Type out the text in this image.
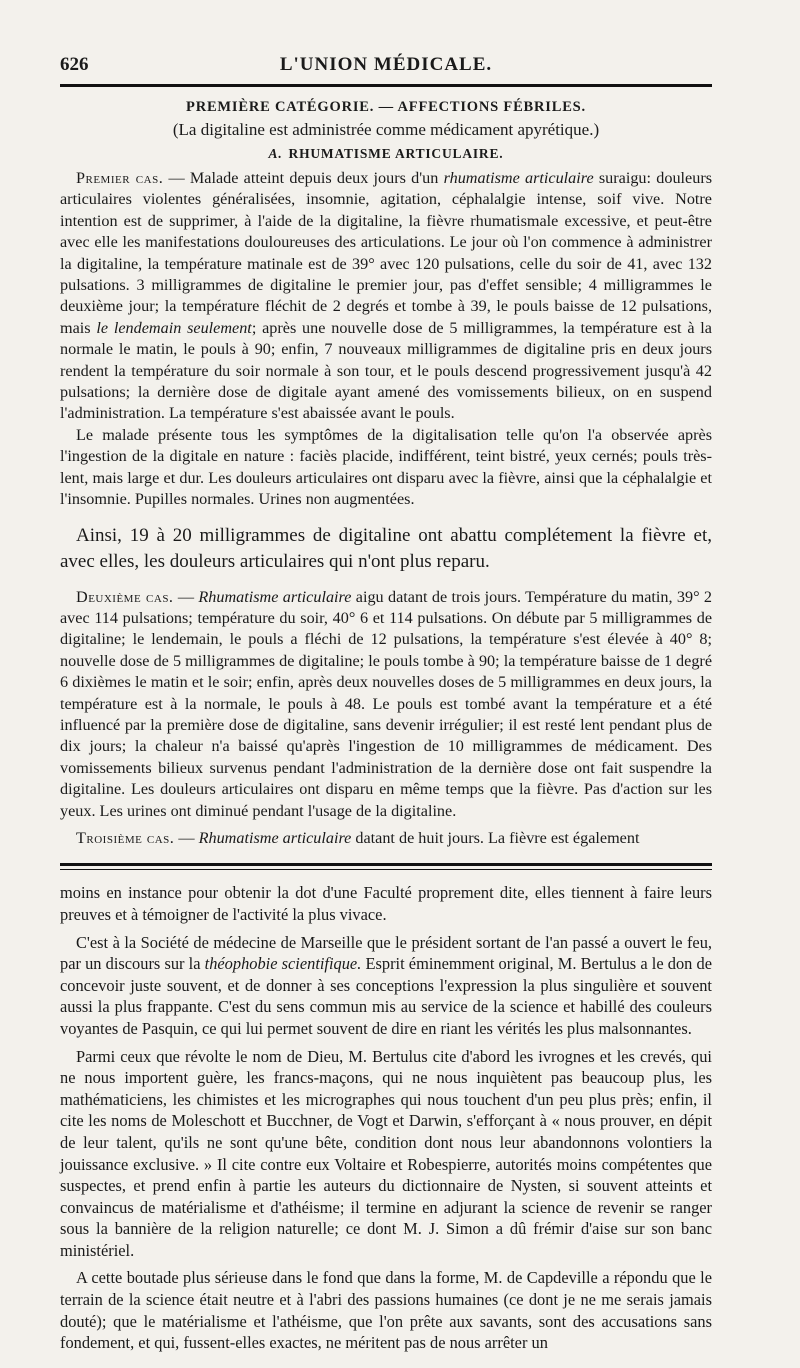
626	L'UNION MÉDICALE.
PREMIÈRE CATÉGORIE. — AFFECTIONS FÉBRILES.
(La digitaline est administrée comme médicament apyrétique.)
A. RHUMATISME ARTICULAIRE.

Premier cas. — Malade atteint depuis deux jours d'un rhumatisme articulaire suraigu: douleurs articulaires violentes généralisées, insomnie, agitation, céphalalgie intense, soif vive. Notre intention est de supprimer, à l'aide de la digitaline, la fièvre rhumatismale excessive, et peut-être avec elle les manifestations douloureuses des articulations. Le jour où l'on commence à administrer la digitaline, la température matinale est de 39° avec 120 pulsations, celle du soir de 41, avec 132 pulsations. 3 milligrammes de digitaline le premier jour, pas d'effet sensible; 4 milligrammes le deuxième jour; la température fléchit de 2 degrés et tombe à 39, le pouls baisse de 12 pulsations, mais le lendemain seulement; après une nouvelle dose de 5 milligrammes, la température est à la normale le matin, le pouls à 90; enfin, 7 nouveaux milligrammes de digitaline pris en deux jours rendent la température du soir normale à son tour, et le pouls descend progressivement jusqu'à 42 pulsations; la dernière dose de digitale ayant amené des vomissements bilieux, on en suspend l'administration. La température s'est abaissée avant le pouls.

Le malade présente tous les symptômes de la digitalisation telle qu'on l'a observée après l'ingestion de la digitale en nature : faciès placide, indifférent, teint bistré, yeux cernés; pouls très-lent, mais large et dur. Les douleurs articulaires ont disparu avec la fièvre, ainsi que la céphalalgie et l'insomnie. Pupilles normales. Urines non augmentées.

Ainsi, 19 à 20 milligrammes de digitaline ont abattu complétement la fièvre et, avec elles, les douleurs articulaires qui n'ont plus reparu.

Deuxième cas. — Rhumatisme articulaire aigu datant de trois jours. Température du matin, 39° 2 avec 114 pulsations; température du soir, 40° 6 et 114 pulsations. On débute par 5 milligrammes de digitaline; le lendemain, le pouls a fléchi de 12 pulsations, la température s'est élevée à 40° 8; nouvelle dose de 5 milligrammes de digitaline; le pouls tombe à 90; la température baisse de 1 degré 6 dixièmes le matin et le soir; enfin, après deux nouvelles doses de 5 milligrammes en deux jours, la température est à la normale, le pouls à 48. Le pouls est tombé avant la température et a été influencé par la première dose de digitaline, sans devenir irrégulier; il est resté lent pendant plus de dix jours; la chaleur n'a baissé qu'après l'ingestion de 10 milligrammes de médicament. Des vomissements bilieux survenus pendant l'administration de la dernière dose ont fait suspendre la digitaline. Les douleurs articulaires ont disparu en même temps que la fièvre. Pas d'action sur les yeux. Les urines ont diminué pendant l'usage de la digitaline.

Troisième cas. — Rhumatisme articulaire datant de huit jours. La fièvre est également

moins en instance pour obtenir la dot d'une Faculté proprement dite, elles tiennent à faire leurs preuves et à témoigner de l'activité la plus vivace.

C'est à la Société de médecine de Marseille que le président sortant de l'an passé a ouvert le feu, par un discours sur la théophobie scientifique. Esprit éminemment original, M. Bertulus a le don de concevoir juste souvent, et de donner à ses conceptions l'expression la plus singulière et souvent aussi la plus frappante. C'est du sens commun mis au service de la science et habillé des couleurs voyantes de Pasquin, ce qui lui permet souvent de dire en riant les vérités les plus malsonnantes.

Parmi ceux que révolte le nom de Dieu, M. Bertulus cite d'abord les ivrognes et les crevés, qui ne nous importent guère, les francs-maçons, qui ne nous inquiètent pas beaucoup plus, les mathématiciens, les chimistes et les micrographes qui nous touchent d'un peu plus près; enfin, il cite les noms de Moleschott et Bucchner, de Vogt et Darwin, s'efforçant à « nous prouver, en dépit de leur talent, qu'ils ne sont qu'une bête, condition dont nous leur abandonnons volontiers la jouissance exclusive. » Il cite contre eux Voltaire et Robespierre, autorités moins compétentes que suspectes, et prend enfin à partie les auteurs du dictionnaire de Nysten, si souvent atteints et convaincus de matérialisme et d'athéisme; il termine en adjurant la science de revenir se ranger sous la bannière de la religion naturelle; ce dont M. J. Simon a dû frémir d'aise sur son banc ministériel.

A cette boutade plus sérieuse dans le fond que dans la forme, M. de Capdeville a répondu que le terrain de la science était neutre et à l'abri des passions humaines (ce dont je ne me serais jamais douté); que le matérialisme et l'athéisme, que l'on prête aux savants, sont des accusations sans fondement, et qui, fussent-elles exactes, ne méritent pas de nous arrêter un
